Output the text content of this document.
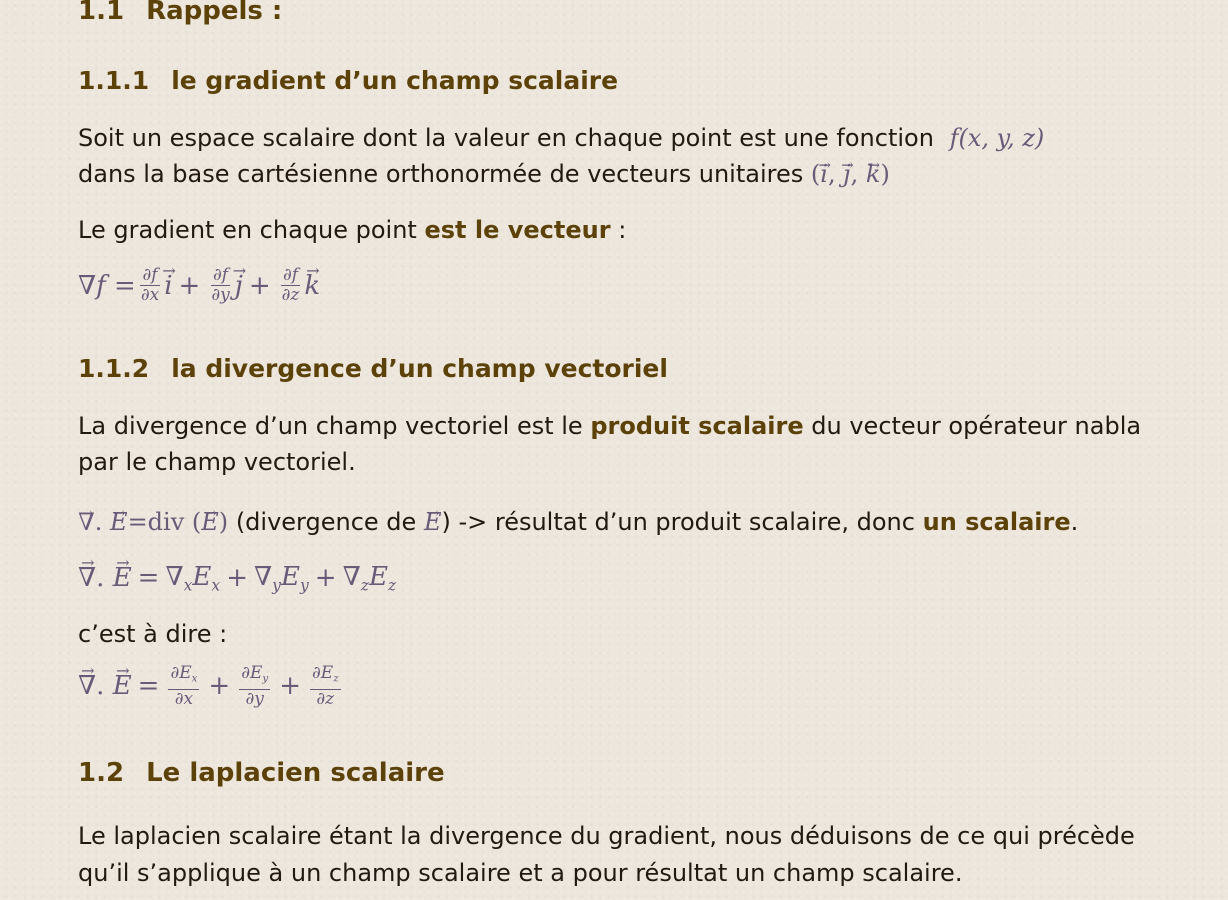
1.1 Rappels :
1.1.1 le gradient d’un champ scalaire
Soit un espace scalaire dont la valeur en chaque point est une fonction f(x, y, z)
dans la base cartésienne orthonormée de vecteurs unitaires (→ i, → j, → k)
Le gradient en chaque point est le vecteur :
$\nabla f = \frac{\partial f}{\partial x}$
→ $i + \frac{\partial f}{\partial y}$
→ $j + \frac{\partial f}{\partial z}$
→ k
1.1.2 la divergence d’un champ vectoriel
La divergence d’un champ vectoriel est le produit scalaire du vecteur opérateur nabla
par le champ vectoriel.
→ ∇. → E=div (→ E) (divergence de → E) -> résultat d’un produit scalaire, donc un scalaire.
→ ∇ .
→ $E = \nabla_xE_x + \nabla_yE_y + \nabla_zE_z$
c’est à dire :
→ ∇ .
→ $E = \frac{\partial E_x}{\partial x} + \frac{\partial E_y}{\partial y} + \frac{\partial E_z}{\partial z}$
1.2 Le laplacien scalaire
Le laplacien scalaire étant la divergence du gradient, nous déduisons de ce qui précède
qu’il s’applique à un champ scalaire et a pour résultat un champ scalaire.
